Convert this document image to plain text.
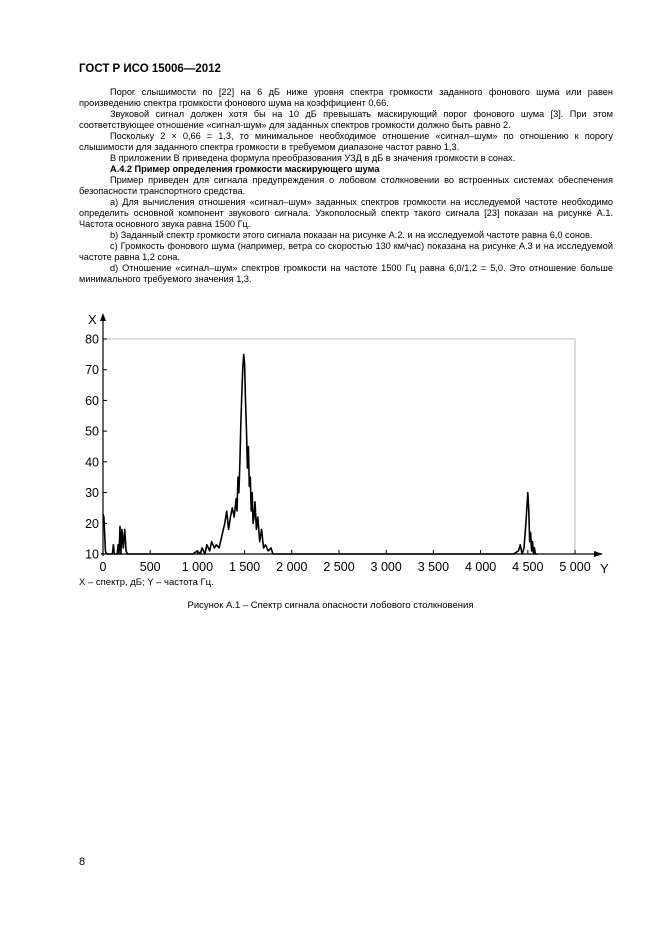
ГОСТ Р ИСО 15006—2012

Порог слышимости по [22] на 6 дБ ниже уровня спектра громкости заданного фонового шума или равен произведению спектра громкости фонового шума на коэффициент 0,66.

Звуковой сигнал должен хотя бы на 10 дБ превышать маскирующий порог фонового шума [3]. При этом соответствующее отношение «сигнал-шум» для заданных спектров громкости должно быть равно 2.

Поскольку 2 × 0,66 = 1,3, то минимальное необходимое отношение «сигнал–шум» по отношению к порогу слышимости для заданного спектра громкости в требуемом диапазоне частот равно 1,3.

В приложении В приведена формула преобразования УЗД в дБ в значения громкости в сонах.

А.4.2 Пример определения громкости маскирующего шума

Пример приведен для сигнала предупреждения о лобовом столкновении во встроенных системах обеспечения безопасности транспортного средства.

а) Для вычисления отношения «сигнал–шум» заданных спектров громкости на исследуемой частоте необходимо определить основной компонент звукового сигнала. Узкополосный спектр такого сигнала [23] показан на рисунке А.1. Частота основного звука равна 1500 Гц.

b) Заданный спектр громкости этого сигнала показан на рисунке А.2. и на исследуемой частоте равна 6,0 сонов.

c) Громкость фонового шума (например, ветра со скоростью 130 км/час) показана на рисунке А.3 и на исследуемой частоте равна 1,2 сона.

d) Отношение «сигнал–шум» спектров громкости на частоте 1500 Гц равна 6,0/1,2 = 5,0. Это отношение больше минимального требуемого значения 1,3.

X
Y
10
20
30
40
50
60
70
80
0	500 1 000 1 500 2 000 2 500 3 000 3 500 4 000 4 500 5 000
X – спектр, дБ; Y – частота Гц.
Рисунок А.1 – Спектр сигнала опасности лобового столкновения
8
